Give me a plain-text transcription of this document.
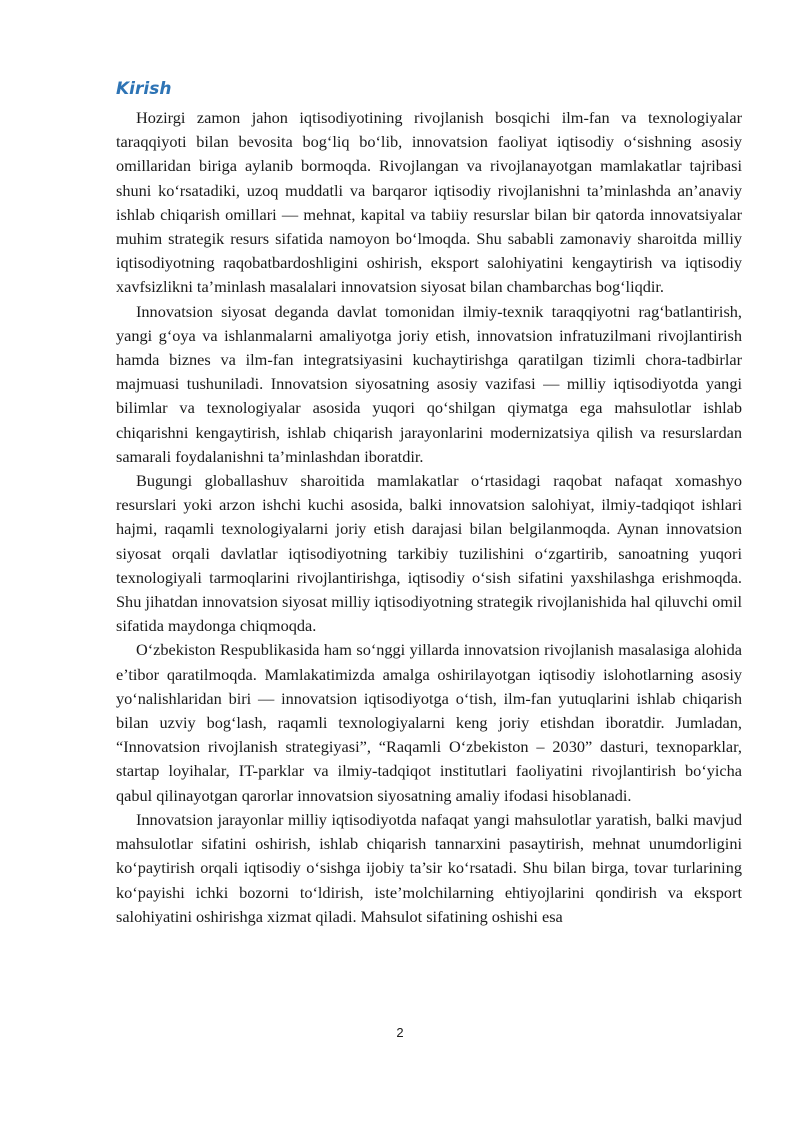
Kirish

Hozirgi zamon jahon iqtisodiyotining rivojlanish bosqichi ilm-fan va texnologiyalar taraqqiyoti bilan bevosita bog‘liq bo‘lib, innovatsion faoliyat iqtisodiy o‘sishning asosiy omillaridan biriga aylanib bormoqda. Rivojlangan va rivojlanayotgan mamlakatlar tajribasi shuni ko‘rsatadiki, uzoq muddatli va barqaror iqtisodiy rivojlanishni ta’minlashda an’anaviy ishlab chiqarish omillari — mehnat, kapital va tabiiy resurslar bilan bir qatorda innovatsiyalar muhim strategik resurs sifatida namoyon bo‘lmoqda. Shu sababli zamonaviy sharoitda milliy iqtisodiyotning raqobatbardoshligini oshirish, eksport salohiyatini kengaytirish va iqtisodiy xavfsizlikni ta’minlash masalalari innovatsion siyosat bilan chambarchas bog‘liqdir.

Innovatsion siyosat deganda davlat tomonidan ilmiy-texnik taraqqiyotni rag‘batlantirish, yangi g‘oya va ishlanmalarni amaliyotga joriy etish, innovatsion infratuzilmani rivojlantirish hamda biznes va ilm-fan integratsiyasini kuchaytirishga qaratilgan tizimli chora-tadbirlar majmuasi tushuniladi. Innovatsion siyosatning asosiy vazifasi — milliy iqtisodiyotda yangi bilimlar va texnologiyalar asosida yuqori qo‘shilgan qiymatga ega mahsulotlar ishlab chiqarishni kengaytirish, ishlab chiqarish jarayonlarini modernizatsiya qilish va resurslardan samarali foydalanishni ta’minlashdan iboratdir.

Bugungi globallashuv sharoitida mamlakatlar o‘rtasidagi raqobat nafaqat xomashyo resurslari yoki arzon ishchi kuchi asosida, balki innovatsion salohiyat, ilmiy-tadqiqot ishlari hajmi, raqamli texnologiyalarni joriy etish darajasi bilan belgilanmoqda. Aynan innovatsion siyosat orqali davlatlar iqtisodiyotning tarkibiy tuzilishini o‘zgartirib, sanoatning yuqori texnologiyali tarmoqlarini rivojlantirishga, iqtisodiy o‘sish sifatini yaxshilashga erishmoqda. Shu jihatdan innovatsion siyosat milliy iqtisodiyotning strategik rivojlanishida hal qiluvchi omil sifatida maydonga chiqmoqda.

O‘zbekiston Respublikasida ham so‘nggi yillarda innovatsion rivojlanish masalasiga alohida e’tibor qaratilmoqda. Mamlakatimizda amalga oshirilayotgan iqtisodiy islohotlarning asosiy yo‘nalishlaridan biri — innovatsion iqtisodiyotga o‘tish, ilm-fan yutuqlarini ishlab chiqarish bilan uzviy bog‘lash, raqamli texnologiyalarni keng joriy etishdan iboratdir. Jumladan, “Innovatsion rivojlanish strategiyasi”, “Raqamli O‘zbekiston – 2030” dasturi, texnoparklar, startap loyihalar, IT-parklar va ilmiy-tadqiqot institutlari faoliyatini rivojlantirish bo‘yicha qabul qilinayotgan qarorlar innovatsion siyosatning amaliy ifodasi hisoblanadi.

Innovatsion jarayonlar milliy iqtisodiyotda nafaqat yangi mahsulotlar yaratish, balki mavjud mahsulotlar sifatini oshirish, ishlab chiqarish tannarxini pasaytirish, mehnat unumdorligini ko‘paytirish orqali iqtisodiy o‘sishga ijobiy ta’sir ko‘rsatadi. Shu bilan birga, tovar turlarining ko‘payishi ichki bozorni to‘ldirish, iste’molchilarning ehtiyojlarini qondirish va eksport salohiyatini oshirishga xizmat qiladi. Mahsulot sifatining oshishi esa

2
